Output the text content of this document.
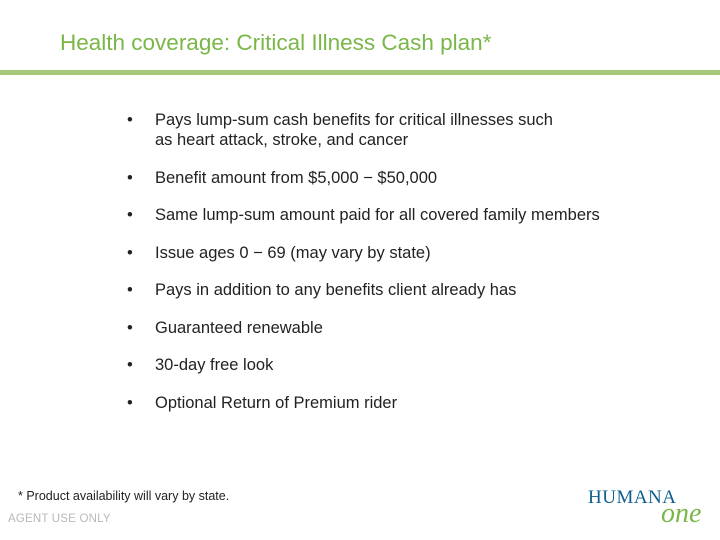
Health coverage: Critical Illness Cash plan*
•	Pays lump-sum cash benefits for critical illnesses such as heart attack, stroke, and cancer
•	Benefit amount from $5,000 − $50,000
•	Same lump-sum amount paid for all covered family members
•	Issue ages 0 − 69 (may vary by state)
•	Pays in addition to any benefits client already has
•	Guaranteed renewable
•	30-day free look
•	Optional Return of Premium rider
* Product availability will vary by state.
AGENT USE ONLY
HUMANA
one
